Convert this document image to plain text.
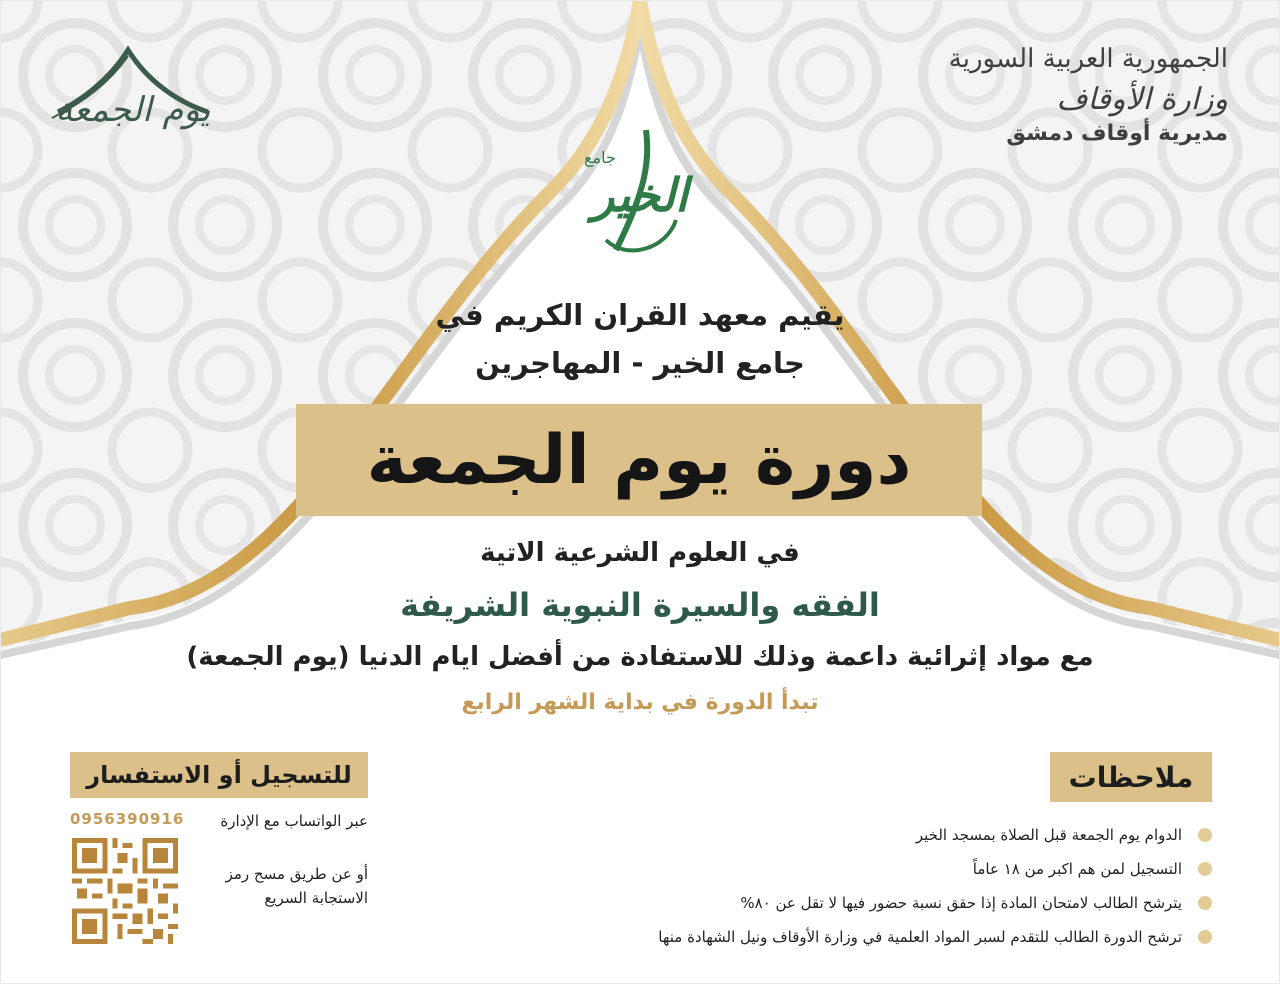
الجمهورية العربية السورية
وزارة الأوقاف
مديرية أوقاف دمشق
يوم الجمعة
جامع
الخير
يقيم معهد القران الكريم في
جامع الخير - المهاجرين
دورة يوم الجمعة
في العلوم الشرعية الاتية
الفقه والسيرة النبوية الشريفة
مع مواد إثرائية داعمة وذلك للاستفادة من أفضل ايام الدنيا (يوم الجمعة)
تبدأ الدورة في بداية الشهر الرابع
ملاحظات
الدوام يوم الجمعة قبل الصلاة بمسجد الخير
التسجيل لمن هم اكبر من ١٨ عاماً
يترشح الطالب لامتحان المادة إذا حقق نسبة حضور فيها لا تقل عن ٨٠%
ترشح الدورة الطالب للتقدم لسبر المواد العلمية في وزارة الأوقاف ونيل الشهادة منها
للتسجيل أو الاستفسار
0956390916	عبر الواتساب مع الإدارة
أو عن طريق مسح رمز الاستجابة السريع
